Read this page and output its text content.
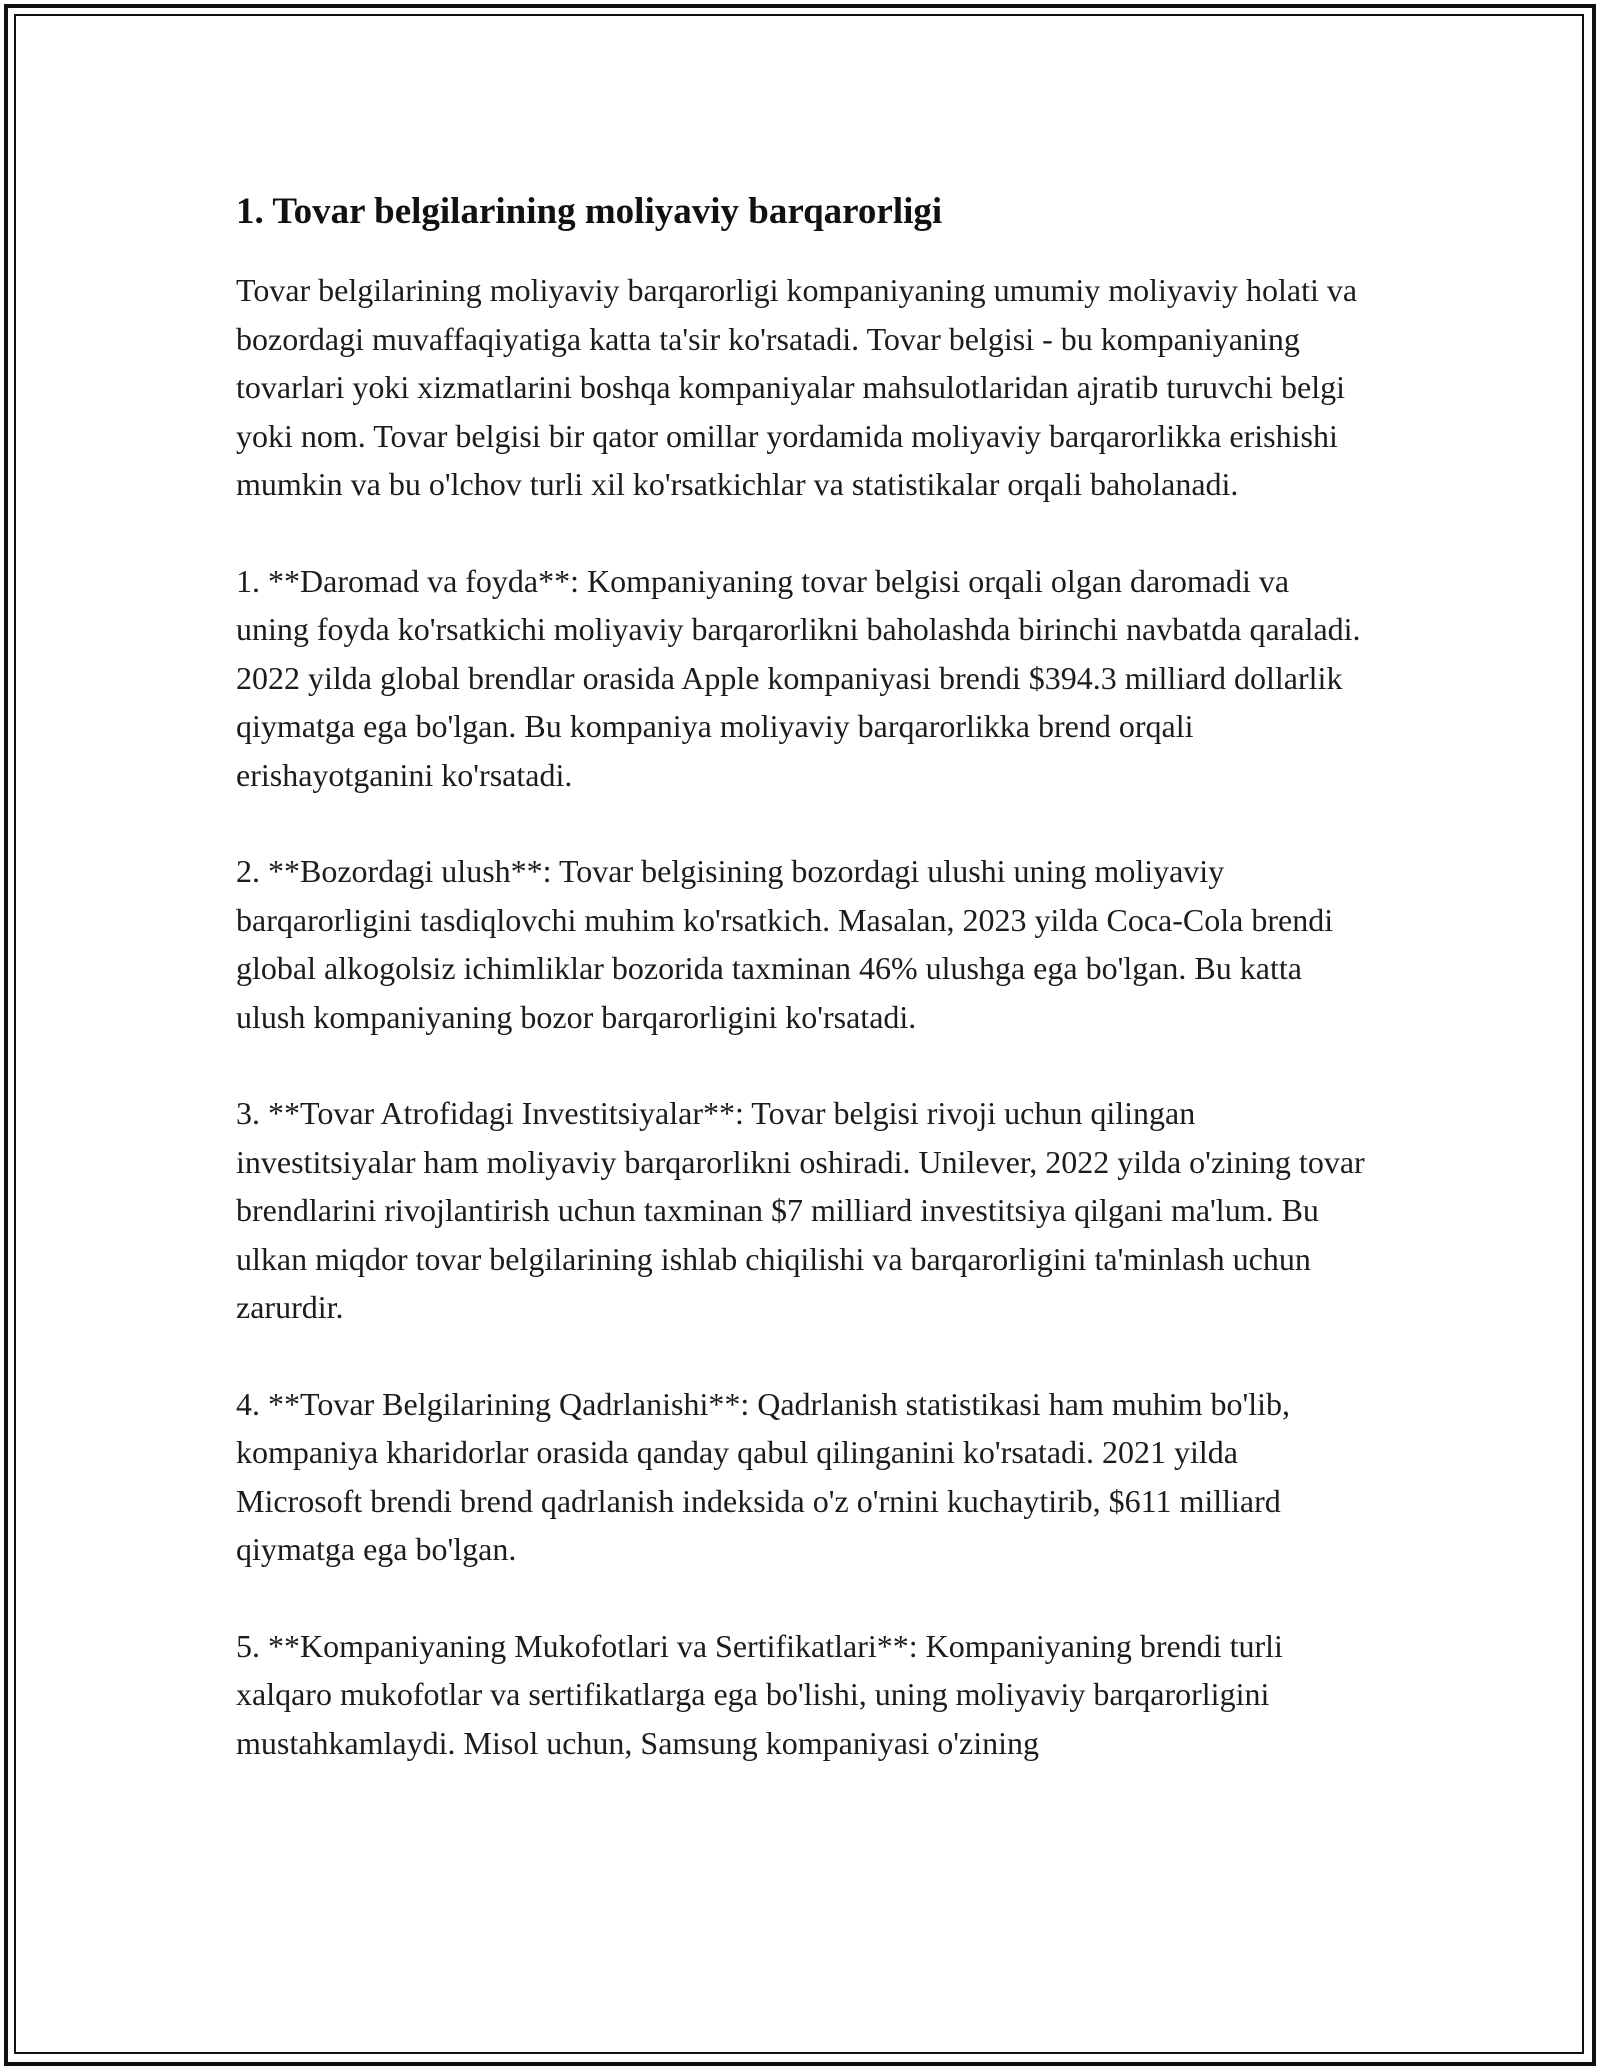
1. Tovar belgilarining moliyaviy barqarorligi

Tovar belgilarining moliyaviy barqarorligi kompaniyaning umumiy moliyaviy holati va bozordagi muvaffaqiyatiga katta ta'sir ko'rsatadi. Tovar belgisi - bu kompaniyaning tovarlari yoki xizmatlarini boshqa kompaniyalar mahsulotlaridan ajratib turuvchi belgi yoki nom. Tovar belgisi bir qator omillar yordamida moliyaviy barqarorlikka erishishi mumkin va bu o'lchov turli xil ko'rsatkichlar va statistikalar orqali baholanadi.

1. **Daromad va foyda**: Kompaniyaning tovar belgisi orqali olgan daromadi va uning foyda ko'rsatkichi moliyaviy barqarorlikni baholashda birinchi navbatda qaraladi. 2022 yilda global brendlar orasida Apple kompaniyasi brendi $394.3 milliard dollarlik qiymatga ega bo'lgan. Bu kompaniya moliyaviy barqarorlikka brend orqali erishayotganini ko'rsatadi.

2. **Bozordagi ulush**: Tovar belgisining bozordagi ulushi uning moliyaviy barqarorligini tasdiqlovchi muhim ko'rsatkich. Masalan, 2023 yilda Coca-Cola brendi global alkogolsiz ichimliklar bozorida taxminan 46% ulushga ega bo'lgan. Bu katta ulush kompaniyaning bozor barqarorligini ko'rsatadi.

3. **Tovar Atrofidagi Investitsiyalar**: Tovar belgisi rivoji uchun qilingan investitsiyalar ham moliyaviy barqarorlikni oshiradi. Unilever, 2022 yilda o'zining tovar brendlarini rivojlantirish uchun taxminan $7 milliard investitsiya qilgani ma'lum. Bu ulkan miqdor tovar belgilarining ishlab chiqilishi va barqarorligini ta'minlash uchun zarurdir.

4. **Tovar Belgilarining Qadrlanishi**: Qadrlanish statistikasi ham muhim bo'lib, kompaniya kharidorlar orasida qanday qabul qilinganini ko'rsatadi. 2021 yilda Microsoft brendi brend qadrlanish indeksida o'z o'rnini kuchaytirib, $611 milliard qiymatga ega bo'lgan.

5. **Kompaniyaning Mukofotlari va Sertifikatlari**: Kompaniyaning brendi turli xalqaro mukofotlar va sertifikatlarga ega bo'lishi, uning moliyaviy barqarorligini mustahkamlaydi. Misol uchun, Samsung kompaniyasi o'zining
